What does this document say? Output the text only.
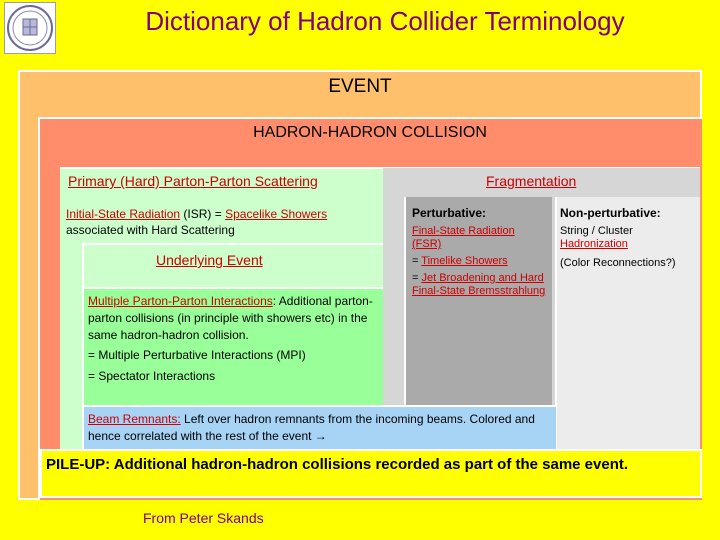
Dictionary of Hadron Collider Terminology
EVENT
HADRON-HADRON COLLISION
Primary (Hard) Parton-Parton Scattering	Fragmentation
Initial-State Radiation (ISR) = Spacelike Showers associated with Hard Scattering
Underlying Event
Multiple Parton-Parton Interactions: Additional parton-parton collisions (in principle with showers etc) in the same hadron-hadron collision.
= Multiple Perturbative Interactions (MPI)
= Spectator Interactions
Perturbative:	Non-perturbative:
Final-State Radiation (FSR)
= Timelike Showers
= Jet Broadening and Hard Final-State Bremsstrahlung
String / Cluster Hadronization
(Color Reconnections?)
Beam Remnants: Left over hadron remnants from the incoming beams. Colored and hence correlated with the rest of the event →
PILE-UP: Additional hadron-hadron collisions recorded as part of the same event.
From Peter Skands
